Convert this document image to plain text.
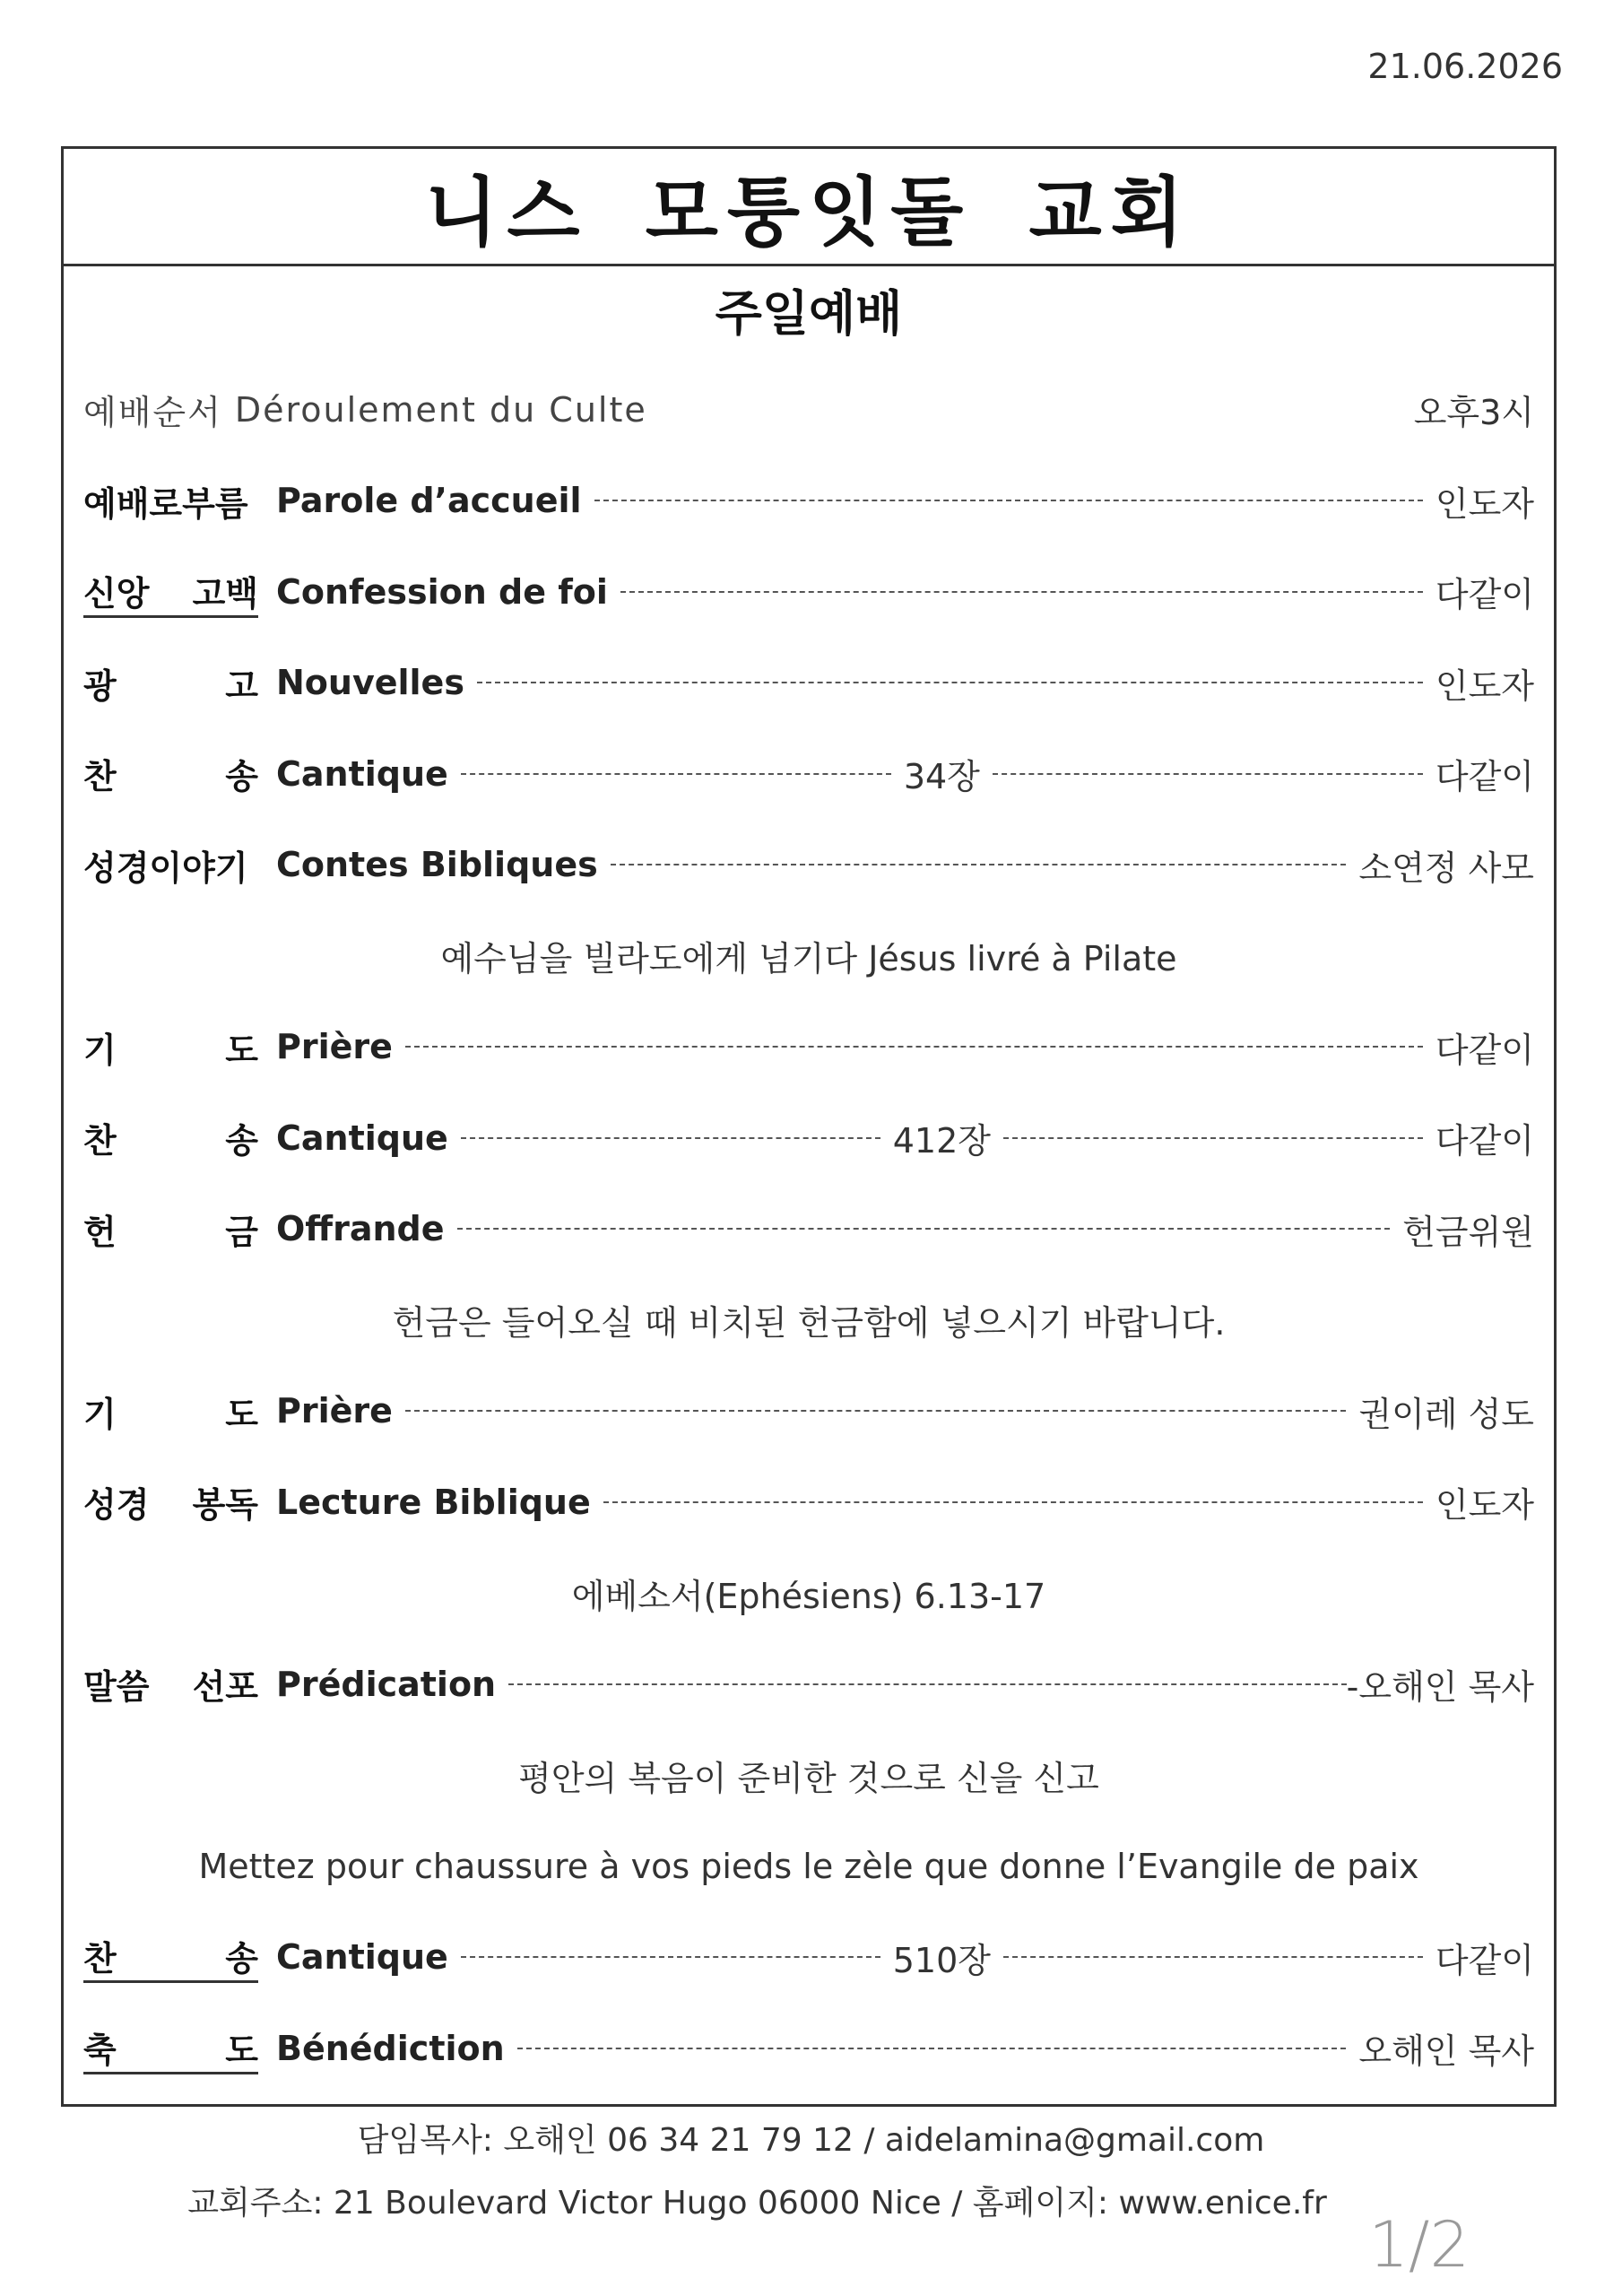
21.06.2026
니스 모퉁잇돌 교회
주일예배
예배순서 Déroulement du Culte	오후3시
예배로부름 Parole d’accueil	인도자
신앙 고백 Confession de foi	다같이
광	고 Nouvelles	인도자
찬	송 Cantique	34장	다같이
성경이야기 Contes Bibliques	소연정 사모
예수님을 빌라도에게 넘기다 Jésus livré à Pilate
기	도 Prière	다같이
찬	송 Cantique	412장	다같이
헌	금 Offrande	헌금위원
헌금은 들어오실 때 비치된 헌금함에 넣으시기 바랍니다.
기	도 Prière	권이레 성도
성경 봉독 Lecture Biblique	인도자
에베소서(Ephésiens) 6.13-17
말씀 선포 Prédication	-오해인 목사
평안의 복음이 준비한 것으로 신을 신고
Mettez pour chaussure à vos pieds le zèle que donne l’Evangile de paix
찬	송 Cantique	510장	다같이
축	도 Bénédiction	오해인 목사
담임목사: 오해인 06 34 21 79 12 / aidelamina@gmail.com
교회주소: 21 Boulevard Victor Hugo 06000 Nice / 홈페이지: www.enice.fr
1/2
